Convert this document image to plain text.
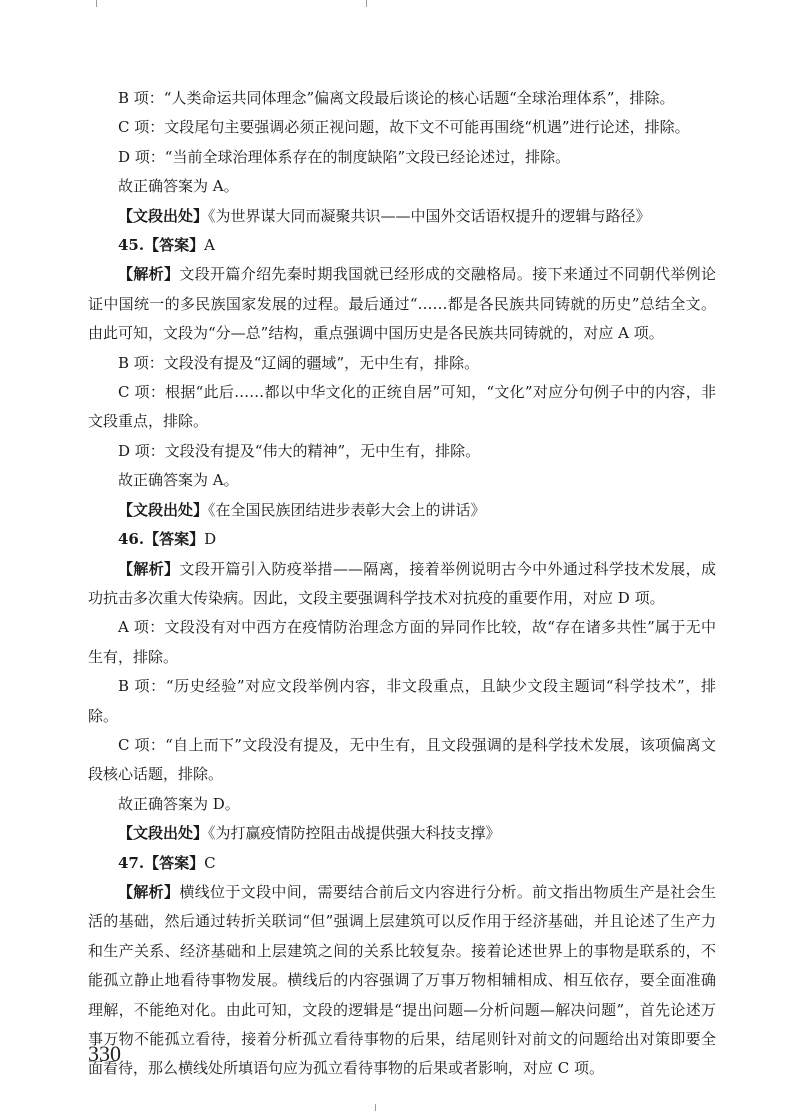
B 项：“人类命运共同体理念”偏离文段最后谈论的核心话题“全球治理体系”，排除。

C 项：文段尾句主要强调必须正视问题，故下文不可能再围绕“机遇”进行论述，排除。

D 项：“当前全球治理体系存在的制度缺陷”文段已经论述过，排除。

故正确答案为 A。

【文段出处】《为世界谋大同而凝聚共识——中国外交话语权提升的逻辑与路径》

45.【答案】A

【解析】文段开篇介绍先秦时期我国就已经形成的交融格局。接下来通过不同朝代举例论证中国统一的多民族国家发展的过程。最后通过“……都是各民族共同铸就的历史”总结全文。由此可知，文段为“分—总”结构，重点强调中国历史是各民族共同铸就的，对应 A 项。

B 项：文段没有提及“辽阔的疆域”，无中生有，排除。

C 项：根据“此后……都以中华文化的正统自居”可知，“文化”对应分句例子中的内容，非文段重点，排除。

D 项：文段没有提及“伟大的精神”，无中生有，排除。

故正确答案为 A。

【文段出处】《在全国民族团结进步表彰大会上的讲话》

46.【答案】D

【解析】文段开篇引入防疫举措——隔离，接着举例说明古今中外通过科学技术发展，成功抗击多次重大传染病。因此，文段主要强调科学技术对抗疫的重要作用，对应 D 项。

A 项：文段没有对中西方在疫情防治理念方面的异同作比较，故“存在诸多共性”属于无中生有，排除。

B 项：“历史经验”对应文段举例内容，非文段重点，且缺少文段主题词“科学技术”，排除。

C 项：“自上而下”文段没有提及，无中生有，且文段强调的是科学技术发展，该项偏离文段核心话题，排除。

故正确答案为 D。

【文段出处】《为打赢疫情防控阻击战提供强大科技支撑》

47.【答案】C

【解析】横线位于文段中间，需要结合前后文内容进行分析。前文指出物质生产是社会生活的基础，然后通过转折关联词“但”强调上层建筑可以反作用于经济基础，并且论述了生产力和生产关系、经济基础和上层建筑之间的关系比较复杂。接着论述世界上的事物是联系的，不能孤立静止地看待事物发展。横线后的内容强调了万事万物相辅相成、相互依存，要全面准确理解，不能绝对化。由此可知，文段的逻辑是“提出问题—分析问题—解决问题”，首先论述万事万物不能孤立看待，接着分析孤立看待事物的后果，结尾则针对前文的问题给出对策即要全面看待，那么横线处所填语句应为孤立看待事物的后果或者影响，对应 C 项。

330
